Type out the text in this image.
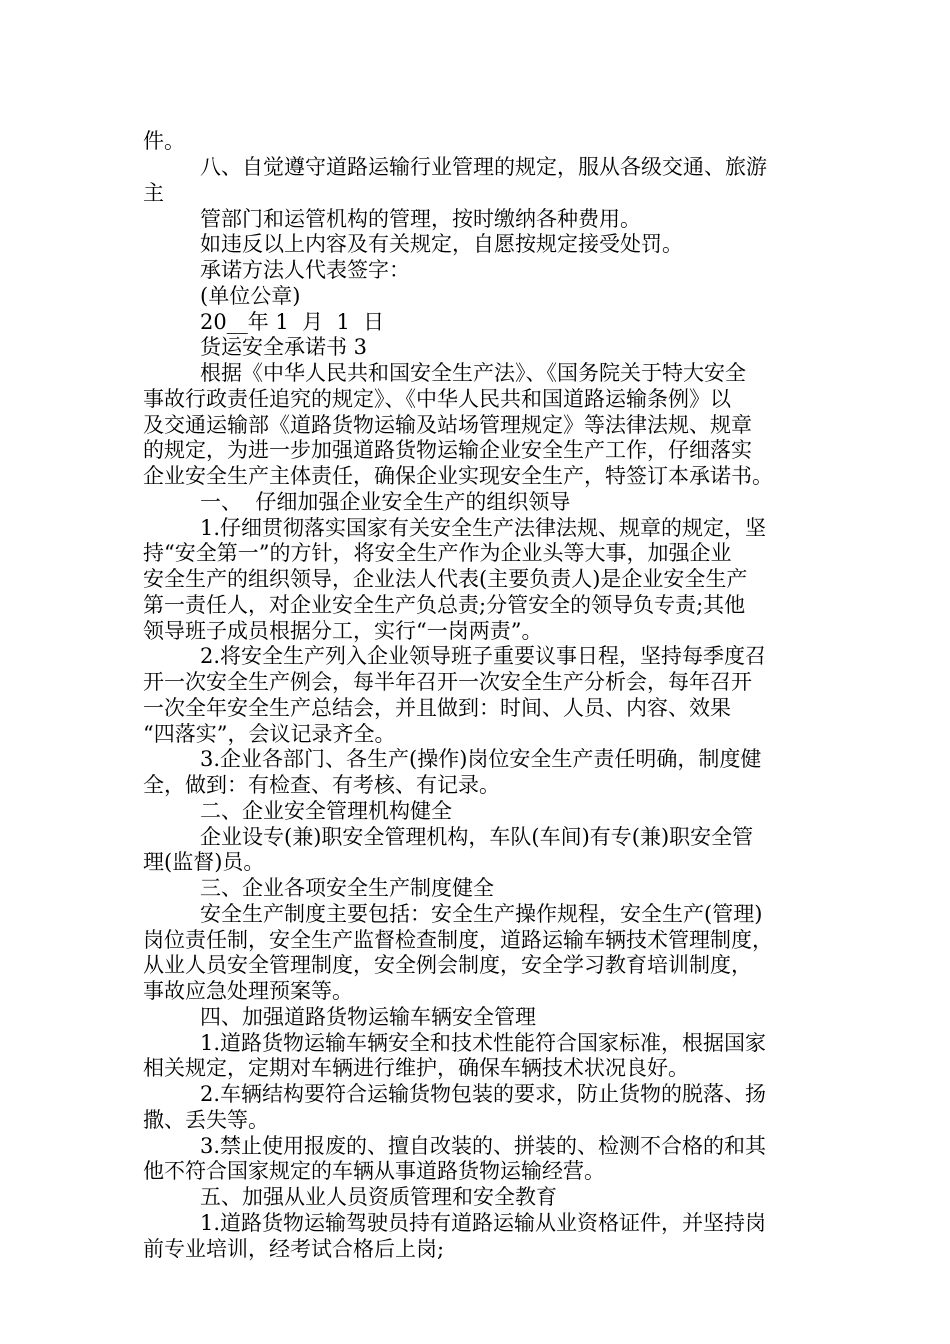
件。
八、自觉遵守道路运输行业管理的规定，服从各级交通、旅游
主
管部门和运管机构的管理，按时缴纳各种费用。
如违反以上内容及有关规定，自愿按规定接受处罚。
承诺方法人代表签字：
(单位公章)
20__年 1  月  1  日
货运安全承诺书 3
根据《中华人民共和国安全生产法》、《国务院关于特大安全
事故行政责任追究的规定》、《中华人民共和国道路运输条例》以
及交通运输部《道路货物运输及站场管理规定》等法律法规、规章
的规定，为进一步加强道路货物运输企业安全生产工作，仔细落实
企业安全生产主体责任，确保企业实现安全生产，特签订本承诺书。
一、  仔细加强企业安全生产的组织领导
1.仔细贯彻落实国家有关安全生产法律法规、规章的规定，坚
持“安全第一”的方针，将安全生产作为企业头等大事，加强企业
安全生产的组织领导，企业法人代表(主要负责人)是企业安全生产
第一责任人，对企业安全生产负总责;分管安全的领导负专责;其他
领导班子成员根据分工，实行“一岗两责”。
2.将安全生产列入企业领导班子重要议事日程，坚持每季度召
开一次安全生产例会，每半年召开一次安全生产分析会，每年召开
一次全年安全生产总结会，并且做到：时间、人员、内容、效果
“四落实”，会议记录齐全。
3.企业各部门、各生产(操作)岗位安全生产责任明确，制度健
全，做到：有检查、有考核、有记录。
二、企业安全管理机构健全
企业设专(兼)职安全管理机构，车队(车间)有专(兼)职安全管
理(监督)员。
三、企业各项安全生产制度健全
安全生产制度主要包括：安全生产操作规程，安全生产(管理)
岗位责任制，安全生产监督检查制度，道路运输车辆技术管理制度，
从业人员安全管理制度，安全例会制度，安全学习教育培训制度，
事故应急处理预案等。
四、加强道路货物运输车辆安全管理
1.道路货物运输车辆安全和技术性能符合国家标准，根据国家
相关规定，定期对车辆进行维护，确保车辆技术状况良好。
2.车辆结构要符合运输货物包装的要求，防止货物的脱落、扬
撒、丢失等。
3.禁止使用报废的、擅自改装的、拼装的、检测不合格的和其
他不符合国家规定的车辆从事道路货物运输经营。
五、加强从业人员资质管理和安全教育
1.道路货物运输驾驶员持有道路运输从业资格证件，并坚持岗
前专业培训，经考试合格后上岗;
